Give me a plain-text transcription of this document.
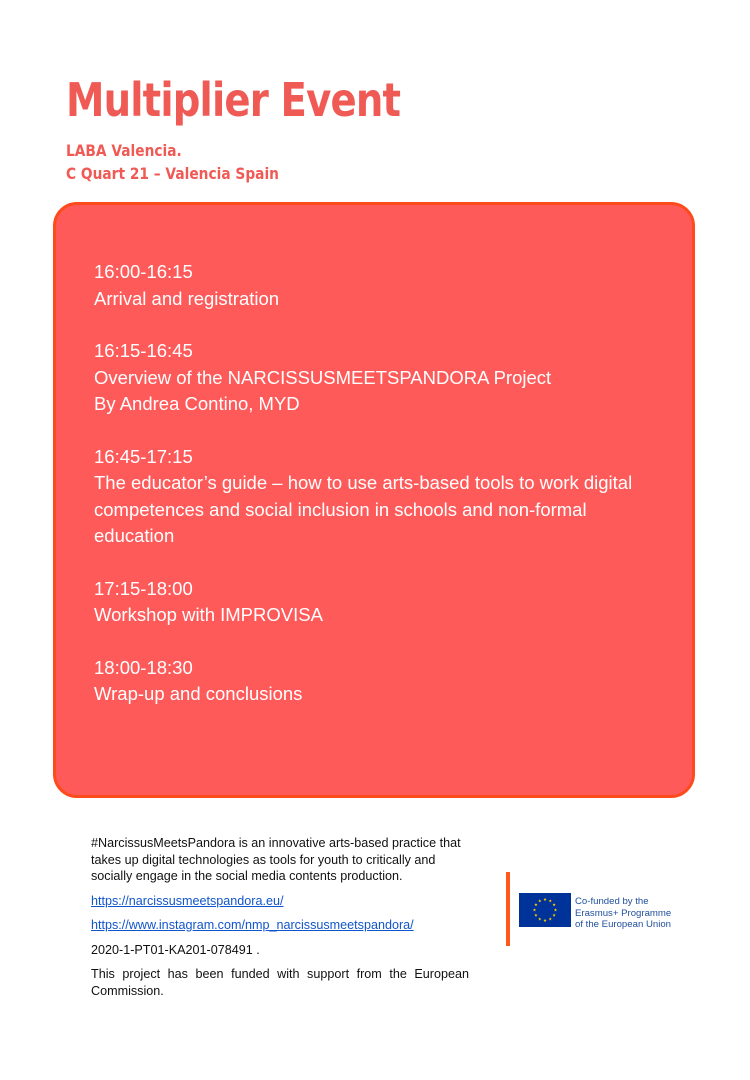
Multiplier Event
LABA Valencia.
C Quart 21 – Valencia Spain
16:00-16:15
Arrival and registration
16:15-16:45
Overview of the NARCISSUSMEETSPANDORA Project
By Andrea Contino, MYD
16:45-17:15
The educator’s guide – how to use arts-based tools to work digital competences and social inclusion in schools and non-formal education
17:15-18:00
Workshop with IMPROVISA
18:00-18:30
Wrap-up and conclusions

#NarcissusMeetsPandora is an innovative arts-based practice that takes up digital technologies as tools for youth to critically and socially engage in the social media contents production.

https://narcissusmeetspandora.eu/

https://www.instagram.com/nmp_narcissusmeetspandora/

2020-1-PT01-KA201-078491 .

This project has been funded with support from the European Commission.

Co-funded by the
Erasmus+ Programme
of the European Union
